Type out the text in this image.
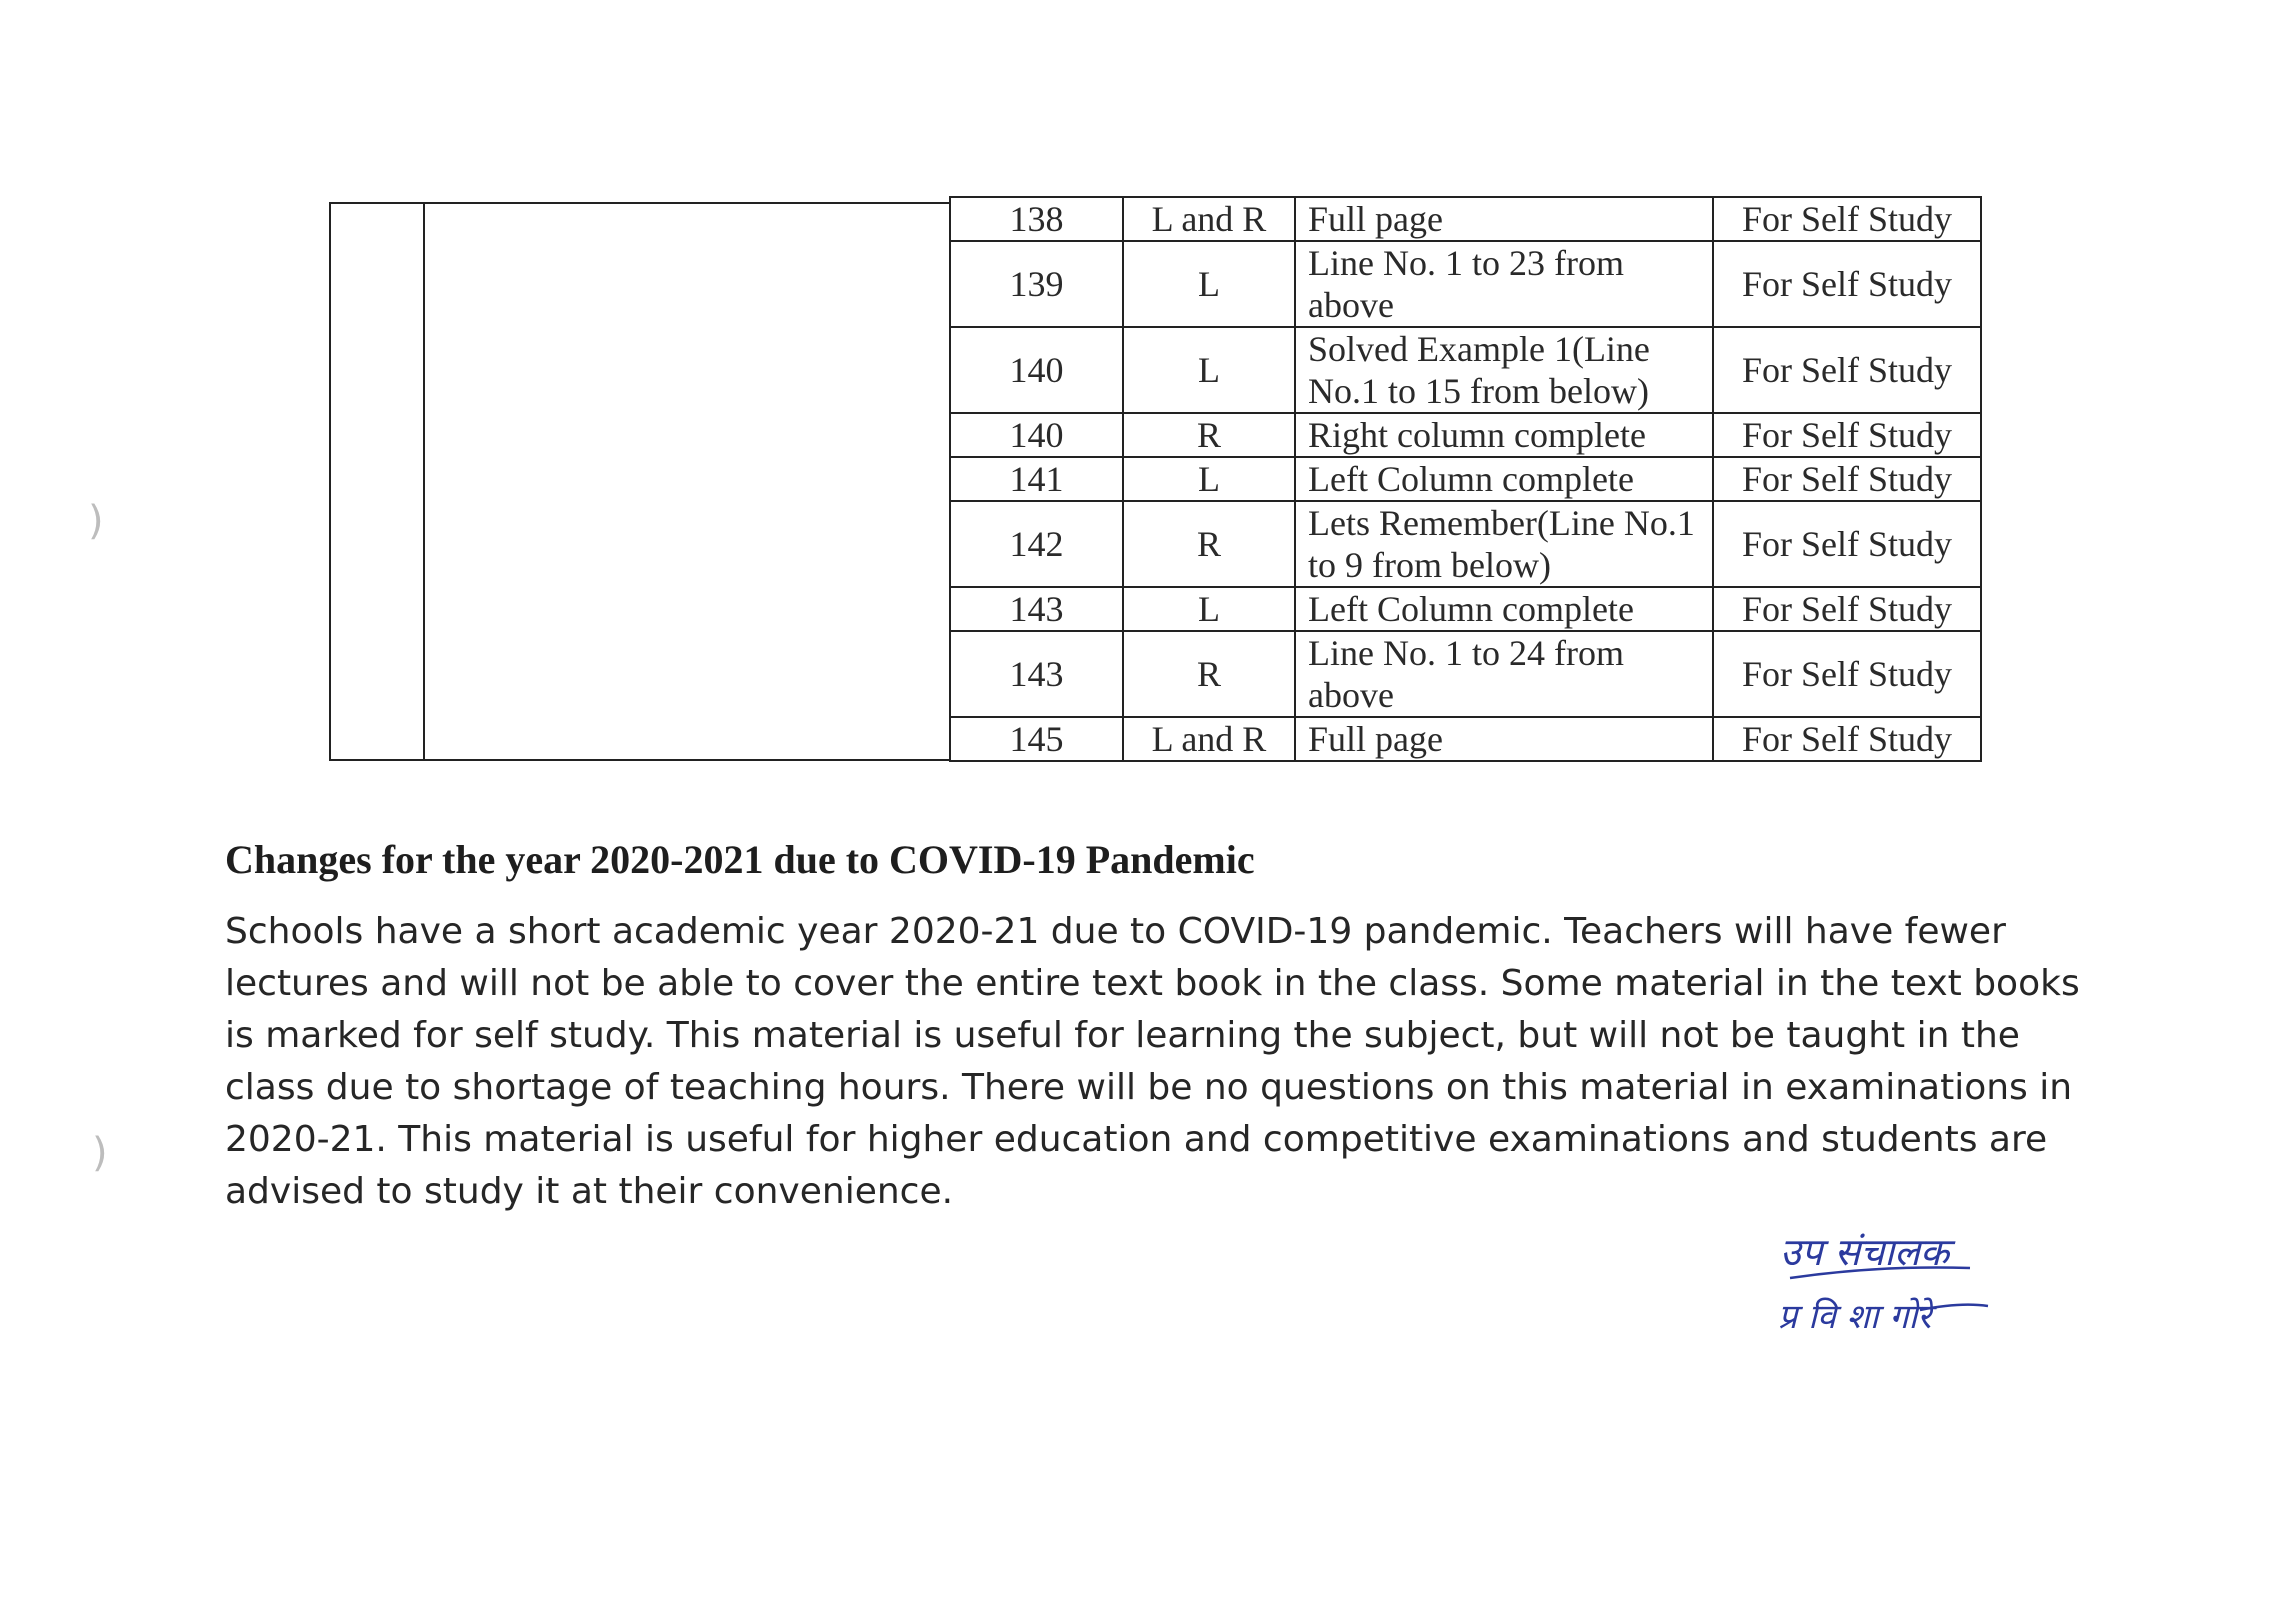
138	L and R	Full page	For Self Study
139	L	Line No. 1 to 23 from above	For Self Study
140	L	Solved Example 1(Line No.1 to 15 from below)	For Self Study
140	R	Right column complete	For Self Study
141	L	Left Column complete	For Self Study
142	R	Lets Remember(Line No.1 to 9 from below)	For Self Study
143	L	Left Column complete	For Self Study
143	R	Line No. 1 to 24 from above	For Self Study
145	L and R	Full page	For Self Study
Changes for the year 2020-2021 due to COVID-19 Pandemic

Schools have a short academic year 2020-21 due to COVID-19 pandemic. Teachers will have fewer lectures and will not be able to cover the entire text book in the class. Some material in the text books is marked for self study. This material is useful for learning the subject, but will not be taught in the class due to shortage of teaching hours. There will be no questions on this material in examinations in 2020-21. This material is useful for higher education and competitive examinations and students are advised to study it at their convenience.

उप संचालक
प्र वि शा गोरे
)
)
